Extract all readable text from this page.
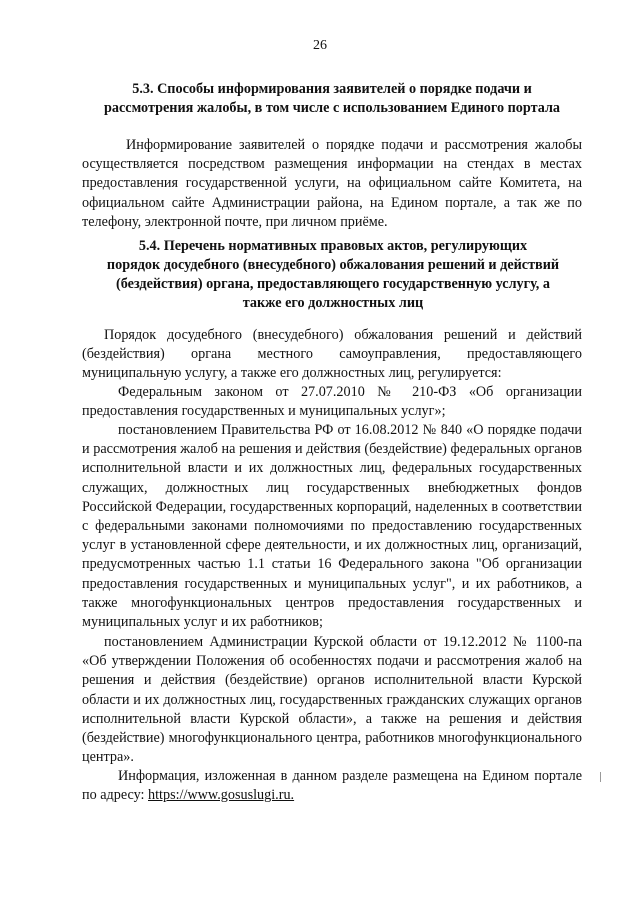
26
5.3. Способы информирования заявителей о порядке подачи и
рассмотрения жалобы, в том числе с использованием Единого портала

Информирование заявителей о порядке подачи и рассмотрения жалобы осуществляется посредством размещения информации на стендах в местах предоставления государственной услуги, на официальном сайте Комитета, на официальном сайте Администрации района, на Едином портале, а так же по телефону, электронной почте, при личном приёме.

5.4. Перечень нормативных правовых актов, регулирующих
порядок досудебного (внесудебного) обжалования решений и действий
(бездействия) органа, предоставляющего государственную услугу, а
также его должностных лиц

Порядок досудебного (внесудебного) обжалования решений и действий (бездействия) органа местного самоуправления, предоставляющего муниципальную услугу, а также его должностных лиц, регулируется:

Федеральным законом от 27.07.2010 № 210-ФЗ «Об организации предоставления государственных и муниципальных услуг»;

постановлением Правительства РФ от 16.08.2012 № 840 «О порядке подачи и рассмотрения жалоб на решения и действия (бездействие) федеральных органов исполнительной власти и их должностных лиц, федеральных государственных служащих, должностных лиц государственных внебюджетных фондов Российской Федерации, государственных корпораций, наделенных в соответствии с федеральными законами полномочиями по предоставлению государственных услуг в установленной сфере деятельности, и их должностных лиц, организаций, предусмотренных частью 1.1 статьи 16 Федерального закона "Об организации предоставления государственных и муниципальных услуг", и их работников, а также многофункциональных центров предоставления государственных и муниципальных услуг и их работников;

постановлением Администрации Курской области от 19.12.2012 № 1100-па «Об утверждении Положения об особенностях подачи и рассмотрения жалоб на решения и действия (бездействие) органов исполнительной власти Курской области и их должностных лиц, государственных гражданских служащих органов исполнительной власти Курской области», а также на решения и действия (бездействие) многофункционального центра, работников многофункционального центра».

Информация, изложенная в данном разделе размещена на Едином портале по адресу: https://www.gosuslugi.ru.
